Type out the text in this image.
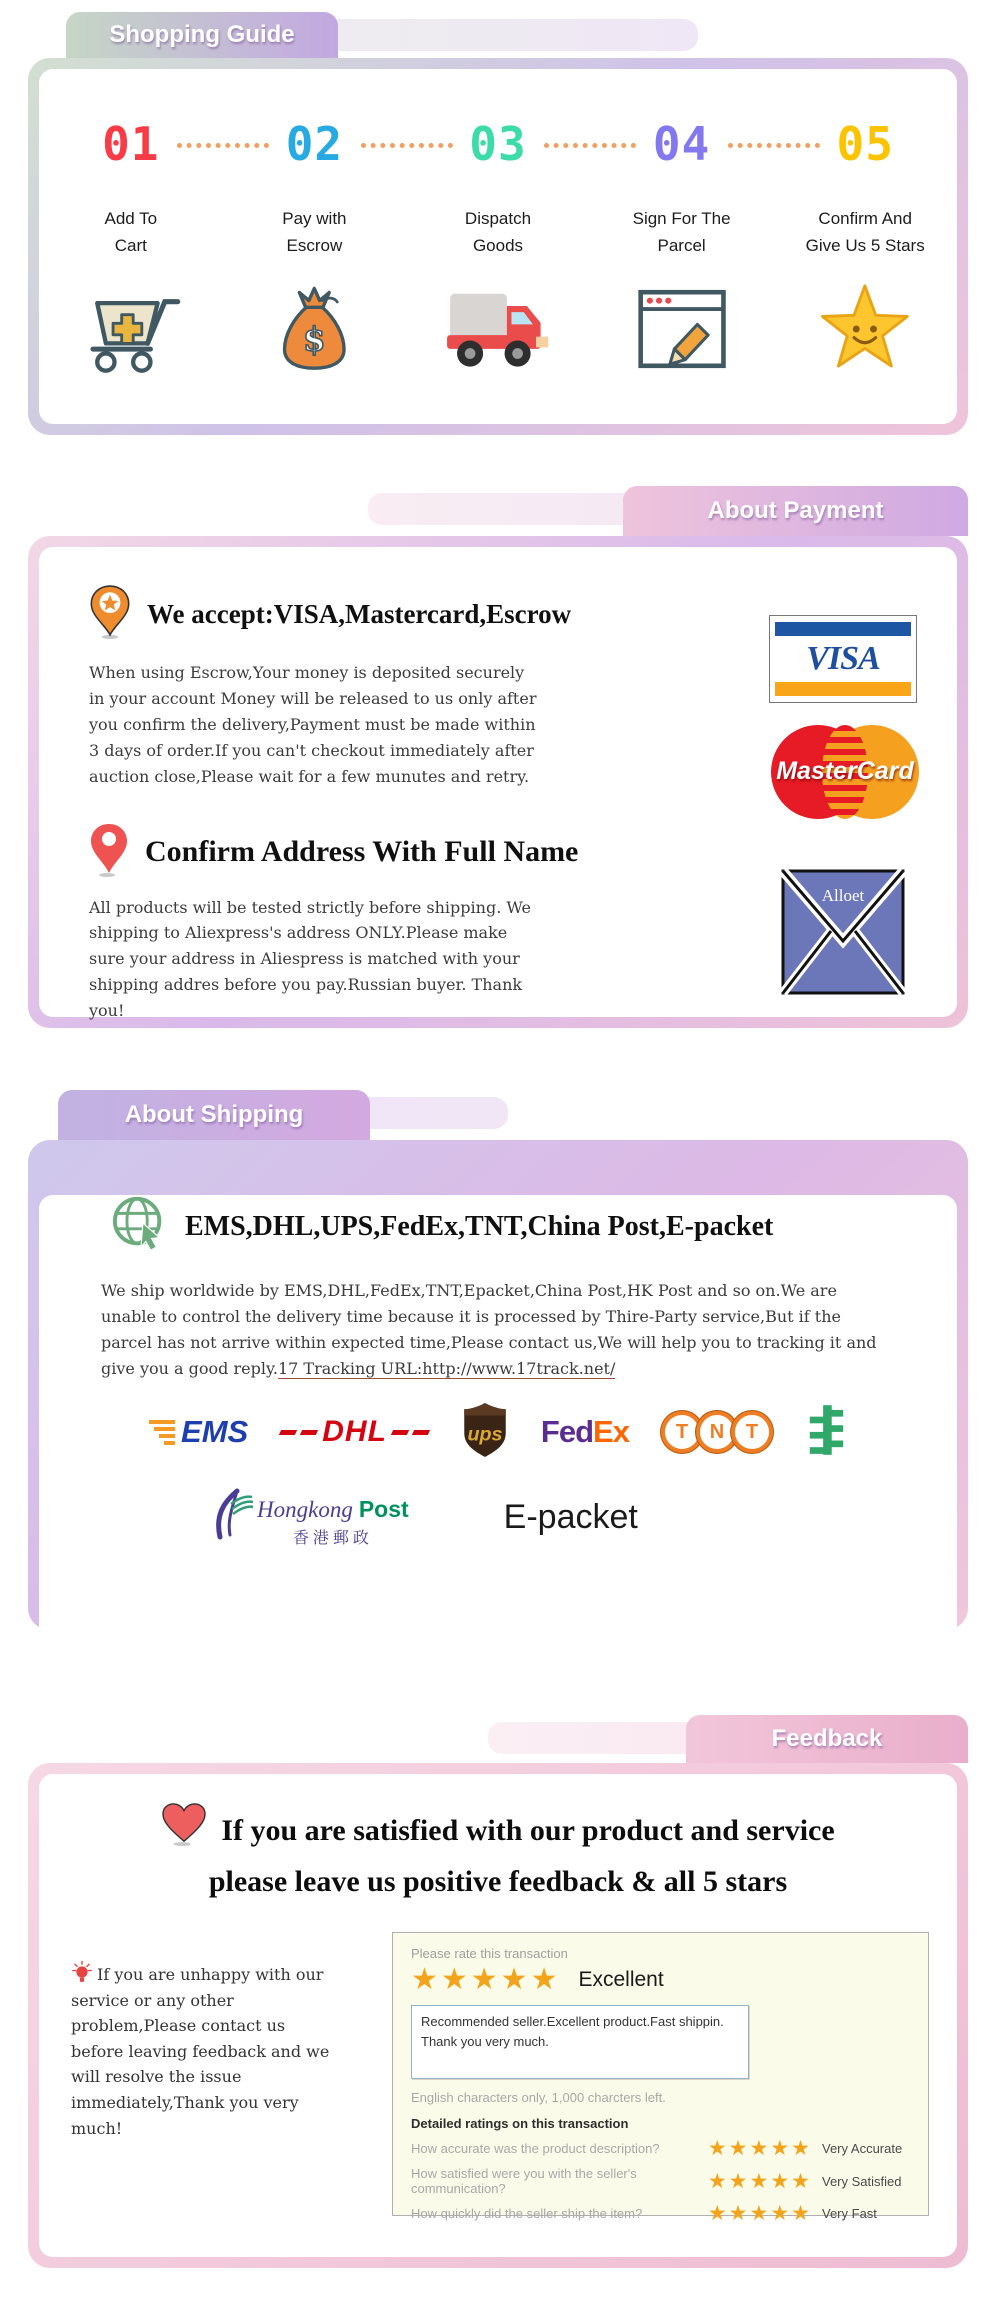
Shopping Guide
01	02	03	04	05
Add To
Cart
Pay with
Escrow
Dispatch
Goods
Sign For The
Parcel
Confirm And
Give Us 5 Stars
$
About Payment
We accept:VISA,Mastercard,Escrow

When using Escrow,Your money is deposited securely in your account Money will be released to us only after you confirm the delivery,Payment must be made within 3 days of order.If you can't checkout immediately after auction close,Please wait for a few munutes and retry.

Confirm Address With Full Name

All products will be tested strictly before shipping. We shipping to Aliexpress's address ONLY.Please make sure your address in Aliespress is matched with your shipping addres before you pay.Russian buyer. Thank you!

VISA
MasterCard
Alloet
About Shipping
EMS,DHL,UPS,FedEx,TNT,China Post,E-packet

We ship worldwide by EMS,DHL,FedEx,TNT,Epacket,China Post,HK Post and so on.We are unable to control the delivery time because it is processed by Thire-Party service,But if the parcel has not arrive within expected time,Please contact us,We will help you to tracking it and give you a good reply.17 Tracking URL:http://www.17track.net/

EMS DHL	ups FedEx	T	N	T
Hongkong Post
香港郵政
E-packet
Feedback
If you are satisfied with our product and service
please leave us positive feedback & all 5 stars

If you are unhappy with our service or any other problem,Please contact us before leaving feedback and we will resolve the issue immediately,Thank you very much!

Please rate this transaction
★★★★★ Excellent
Recommended seller.Excellent product.Fast shippin.
Thank you very much.
English characters only, 1,000 charcters left.
Detailed ratings on this transaction
How accurate was the product description? ★★★★★ Very Accurate
How satisfied were you with the seller's communication?	★★★★★ Very Satisfied
How quickly did the seller ship the item?	★★★★★ Very Fast
